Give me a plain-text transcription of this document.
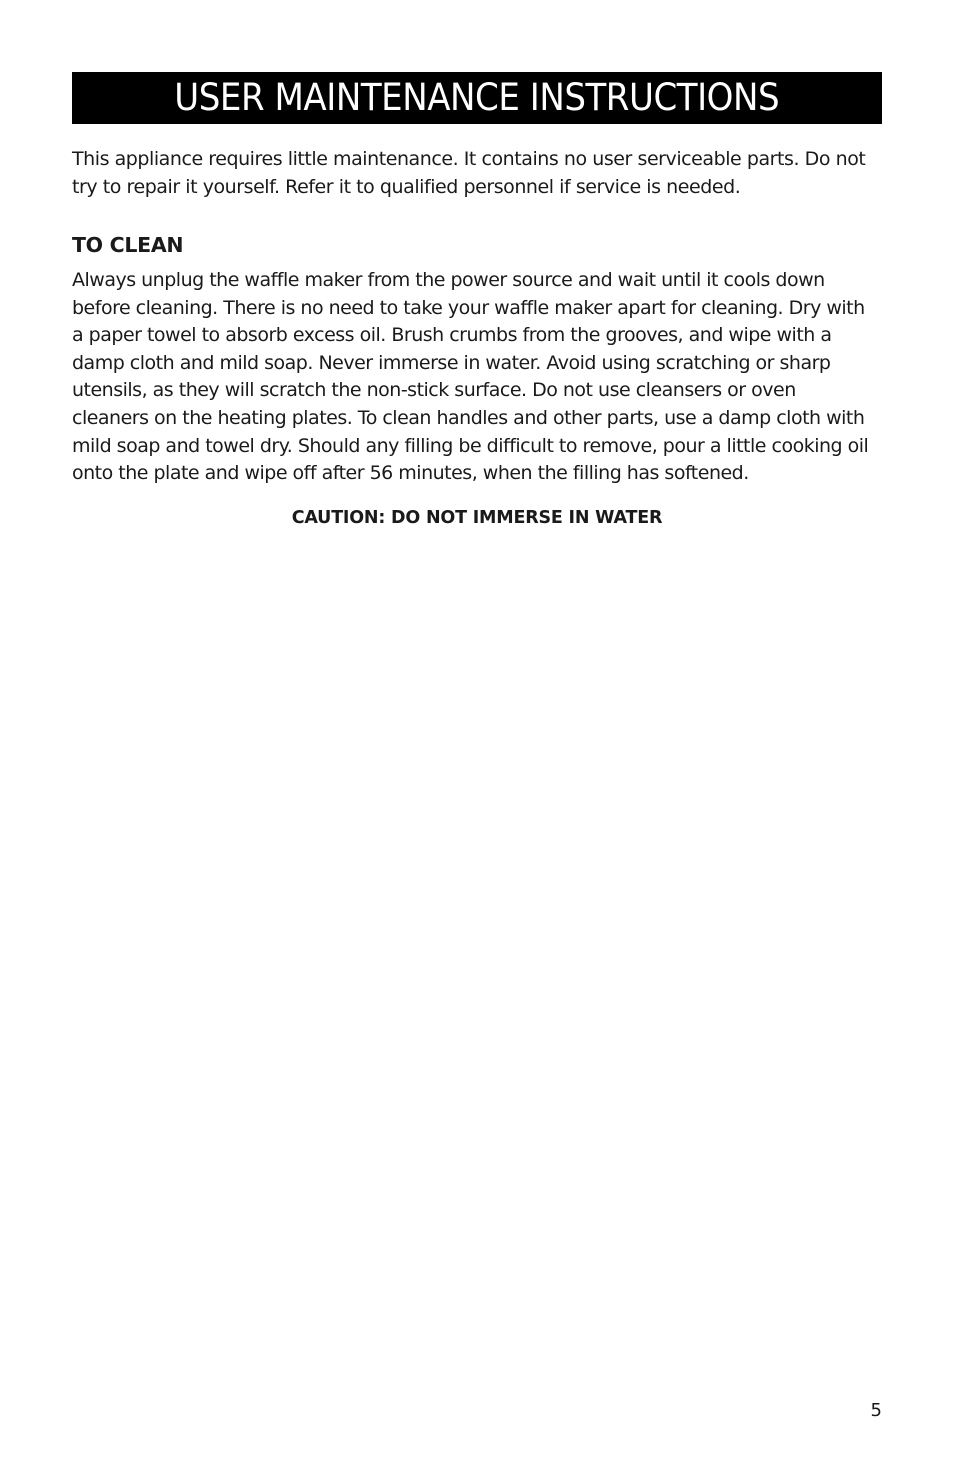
USER MAINTENANCE INSTRUCTIONS

This appliance requires little maintenance. It contains no user serviceable parts. Do not try to repair it yourself. Refer it to qualified personnel if service is needed.

TO CLEAN

Always unplug the waffle maker from the power source and wait until it cools down before cleaning. There is no need to take your waffle maker apart for cleaning. Dry with a paper towel to absorb excess oil. Brush crumbs from the grooves, and wipe with a damp cloth and mild soap. Never immerse in water. Avoid using scratching or sharp utensils, as they will scratch the non-stick surface. Do not use cleansers or oven cleaners on the heating plates. To clean handles and other parts, use a damp cloth with mild soap and towel dry. Should any filling be difficult to remove, pour a little cooking oil onto the plate and wipe off after 56 minutes, when the filling has softened.

CAUTION: DO NOT IMMERSE IN WATER

5
